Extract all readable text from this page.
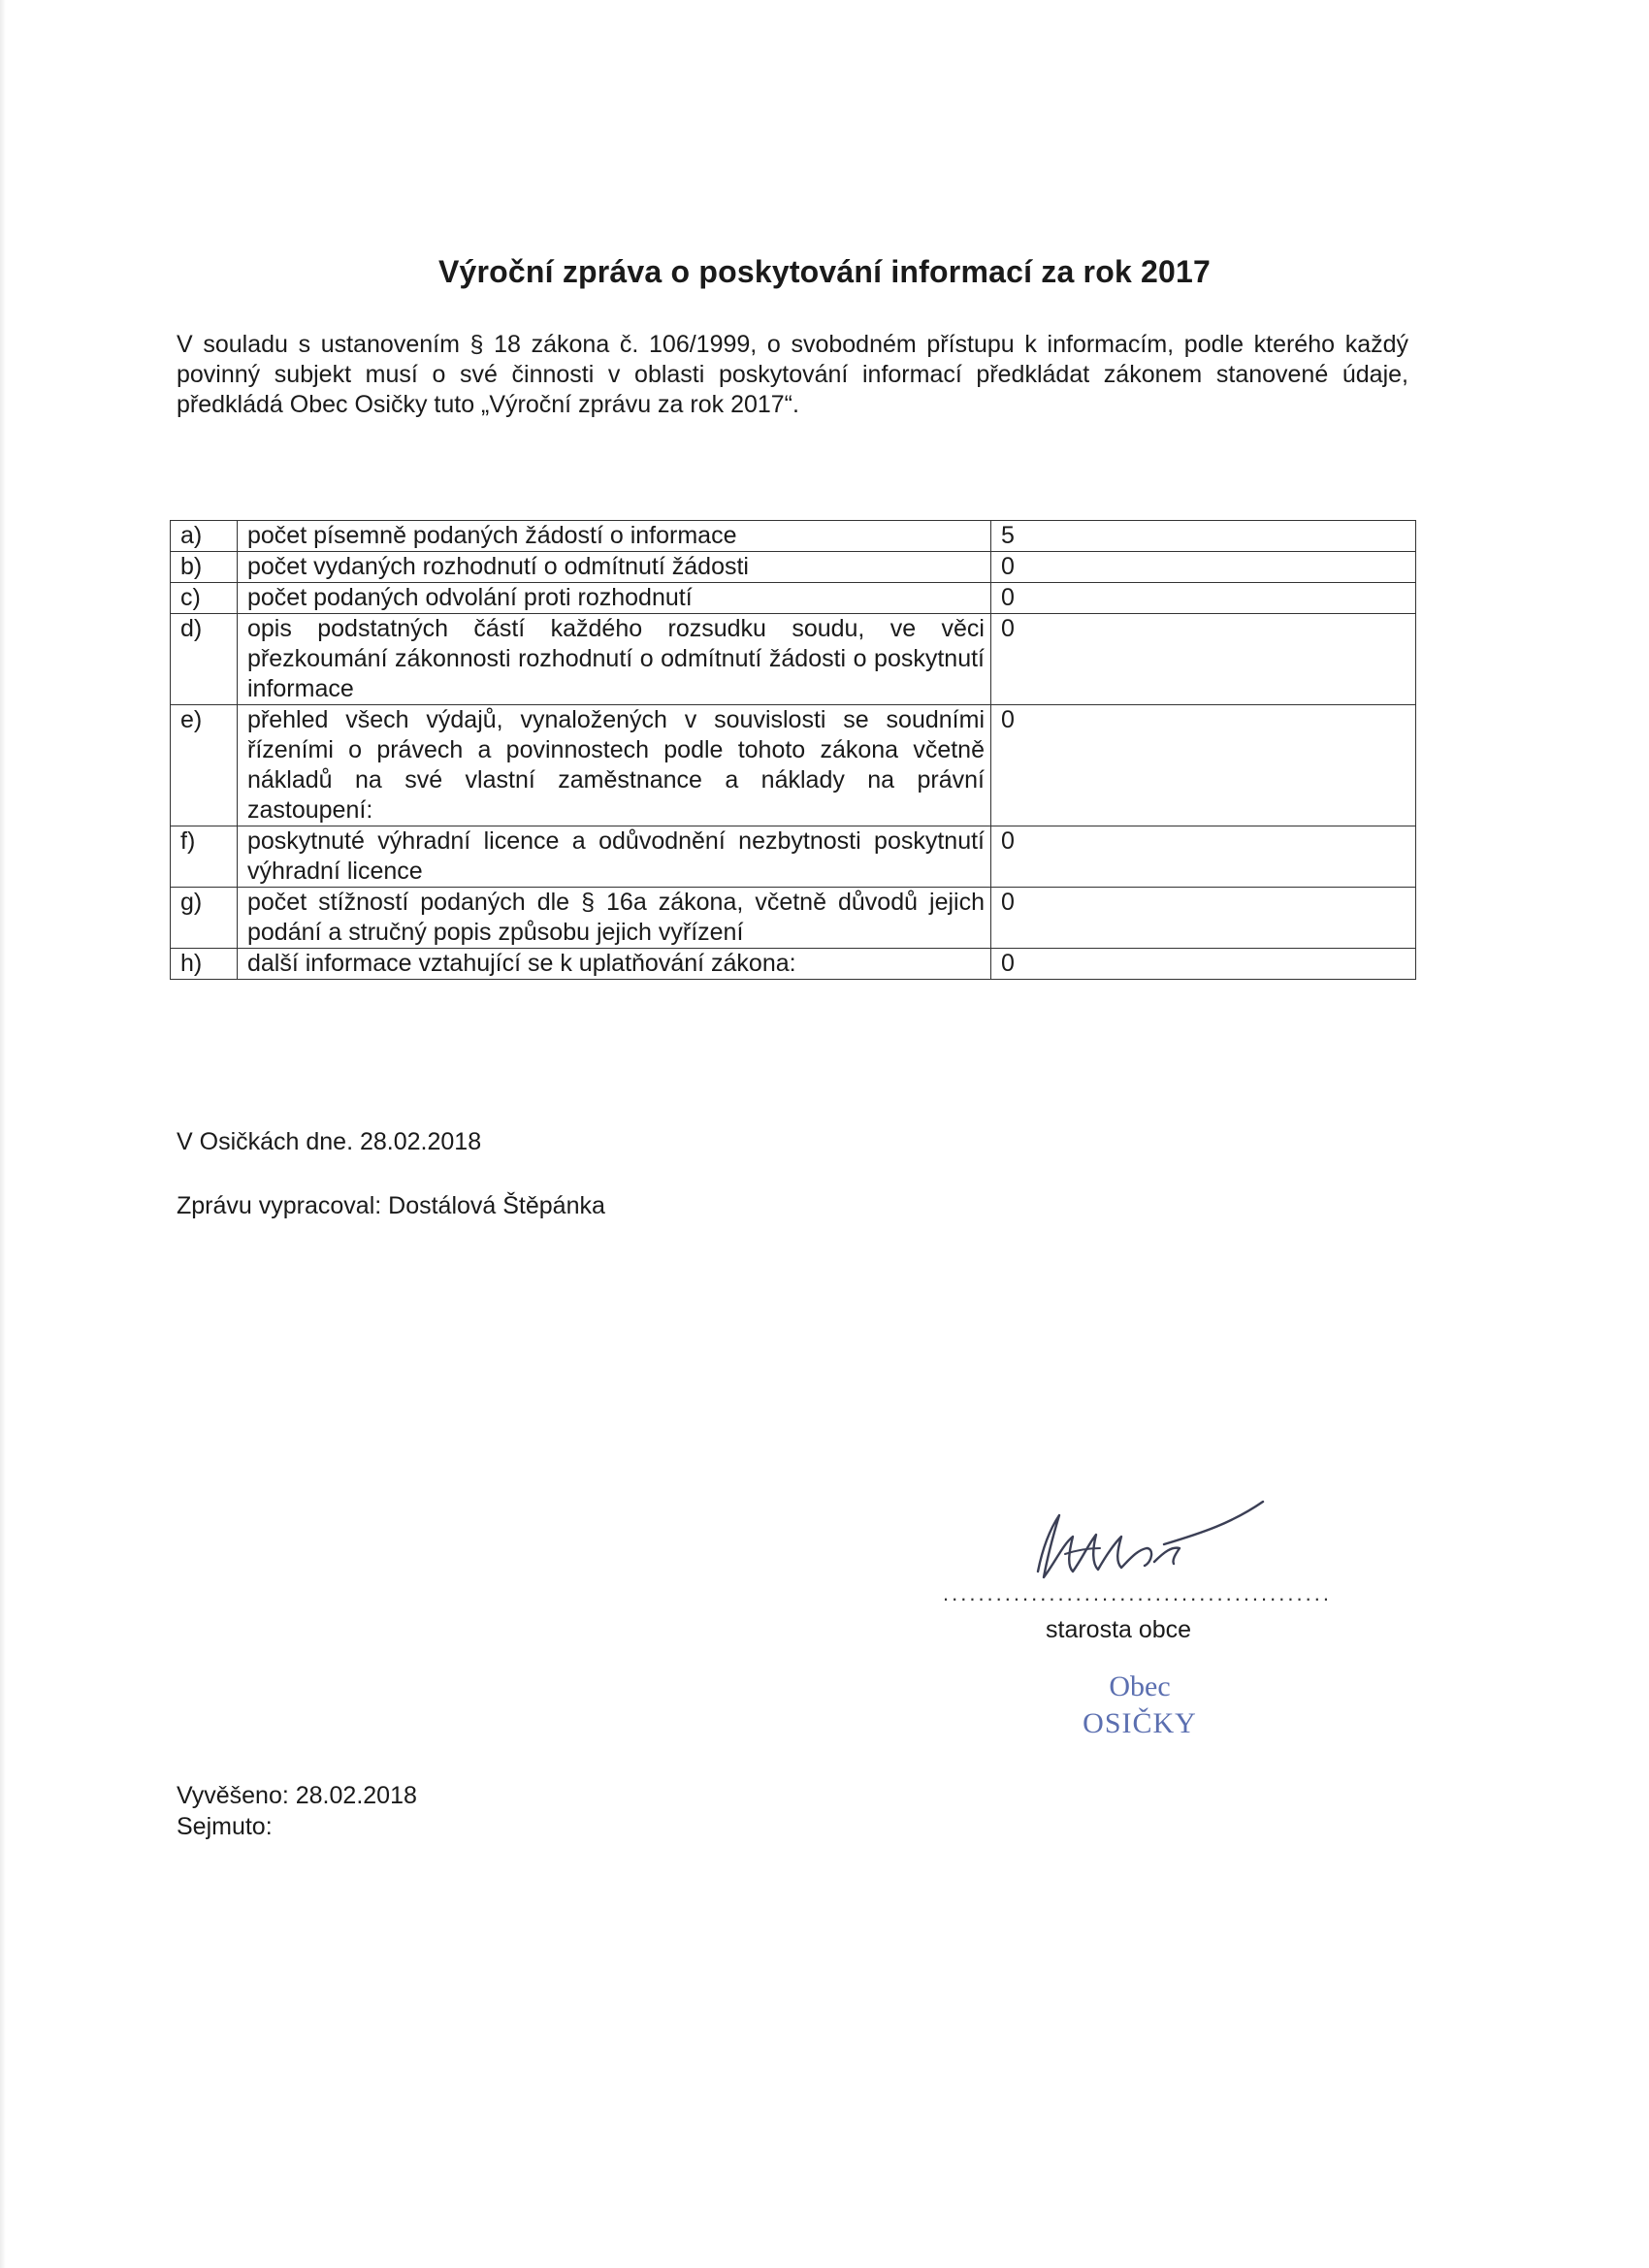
Výroční zpráva o poskytování informací za rok 2017
V souladu s ustanovením § 18 zákona č. 106/1999, o svobodném přístupu k informacím, podle kterého každý povinný subjekt musí o své činnosti v oblasti poskytování informací předkládat zákonem stanovené údaje, předkládá Obec Osičky tuto „Výroční zprávu za rok 2017“.
a)	počet písemně podaných žádostí o informace	5
b)	počet vydaných rozhodnutí o odmítnutí žádosti	0
c)	počet podaných odvolání proti rozhodnutí	0
d)	opis podstatných částí každého rozsudku soudu, ve věci přezkoumání zákonnosti rozhodnutí o odmítnutí žádosti o poskytnutí informace	0
e)	přehled všech výdajů, vynaložených v souvislosti se soudními řízeními o právech a povinnostech podle tohoto zákona včetně nákladů na své vlastní zaměstnance a náklady na právní zastoupení:	0
f)	poskytnuté výhradní licence a odůvodnění nezbytnosti poskytnutí výhradní licence	0
g)	počet stížností podaných dle § 16a zákona, včetně důvodů jejich podání a stručný popis způsobu jejich vyřízení	0
h)	další informace vztahující se k uplatňování zákona:	0
V Osičkách dne. 28.02.2018
Zprávu vypracoval: Dostálová Štěpánka
............................................
starosta obce
Obec
OSIČKY
Vyvěšeno: 28.02.2018
Sejmuto:
